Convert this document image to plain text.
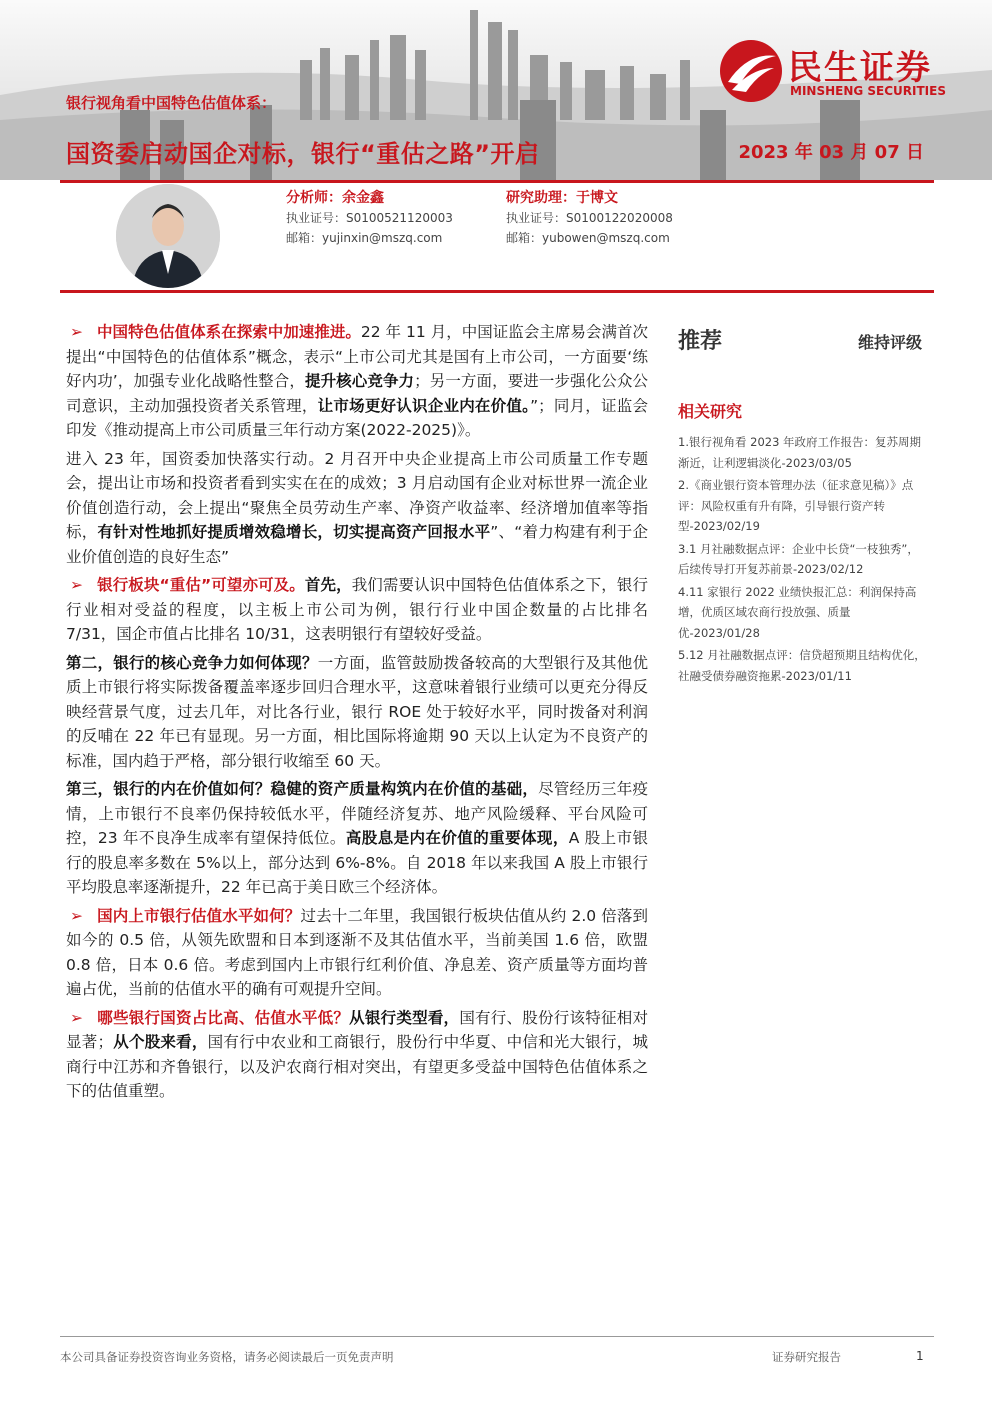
银行视角看中国特色估值体系：
国资委启动国企对标，银行“重估之路”开启	2023 年 03 月 07 日
民生证券
MINSHENG SECURITIES
分析师：余金鑫
执业证号：S0100521120003
邮箱：yujinxin@mszq.com
研究助理：于博文
执业证号：S0100122020008
邮箱：yubowen@mszq.com

➢ 中国特色估值体系在探索中加速推进。22 年 11 月，中国证监会主席易会满首次提出“中国特色的估值体系”概念，表示“上市公司尤其是国有上市公司，一方面要‘练好内功’，加强专业化战略性整合，提升核心竞争力；另一方面，要进一步强化公众公司意识，主动加强投资者关系管理，让市场更好认识企业内在价值。”；同月，证监会印发《推动提高上市公司质量三年行动方案(2022-2025)》。

进入 23 年，国资委加快落实行动。2 月召开中央企业提高上市公司质量工作专题会，提出让市场和投资者看到实实在在的成效；3 月启动国有企业对标世界一流企业价值创造行动，会上提出“聚焦全员劳动生产率、净资产收益率、经济增加值率等指标，有针对性地抓好提质增效稳增长，切实提高资产回报水平”、“着力构建有利于企业价值创造的良好生态”

➢ 银行板块“重估”可望亦可及。首先，我们需要认识中国特色估值体系之下，银行行业相对受益的程度，以主板上市公司为例，银行行业中国企数量的占比排名 7/31，国企市值占比排名 10/31，这表明银行有望较好受益。

第二，银行的核心竞争力如何体现？一方面，监管鼓励拨备较高的大型银行及其他优质上市银行将实际拨备覆盖率逐步回归合理水平，这意味着银行业绩可以更充分得反映经营景气度，过去几年，对比各行业，银行 ROE 处于较好水平，同时拨备对利润的反哺在 22 年已有显现。另一方面，相比国际将逾期 90 天以上认定为不良资产的标准，国内趋于严格，部分银行收缩至 60 天。

第三，银行的内在价值如何？稳健的资产质量构筑内在价值的基础，尽管经历三年疫情，上市银行不良率仍保持较低水平，伴随经济复苏、地产风险缓释、平台风险可控，23 年不良净生成率有望保持低位。高股息是内在价值的重要体现，A 股上市银行的股息率多数在 5%以上，部分达到 6%-8%。自 2018 年以来我国 A 股上市银行平均股息率逐渐提升，22 年已高于美日欧三个经济体。

➢ 国内上市银行估值水平如何？过去十二年里，我国银行板块估值从约 2.0 倍落到如今的 0.5 倍，从领先欧盟和日本到逐渐不及其估值水平，当前美国 1.6 倍，欧盟 0.8 倍，日本 0.6 倍。考虑到国内上市银行红利价值、净息差、资产质量等方面均普遍占优，当前的估值水平的确有可观提升空间。

➢ 哪些银行国资占比高、估值水平低？从银行类型看，国有行、股份行该特征相对显著；从个股来看，国有行中农业和工商银行，股份行中华夏、中信和光大银行，城商行中江苏和齐鲁银行，以及沪农商行相对突出，有望更多受益中国特色估值体系之下的估值重塑。

推荐	维持评级
相关研究
1.银行视角看 2023 年政府工作报告：复苏周期渐近，让利逻辑淡化-2023/03/05
2.《商业银行资本管理办法（征求意见稿）》点评：风险权重有升有降，引导银行资产转型-2023/02/19
3.1 月社融数据点评：企业中长贷“一枝独秀”，后续传导打开复苏前景-2023/02/12
4.11 家银行 2022 业绩快报汇总：利润保持高增，优质区域农商行投放强、质量优-2023/01/28
5.12 月社融数据点评：信贷超预期且结构优化，社融受债券融资拖累-2023/01/11
本公司具备证券投资咨询业务资格，请务必阅读最后一页免责声明	证券研究报告	1
